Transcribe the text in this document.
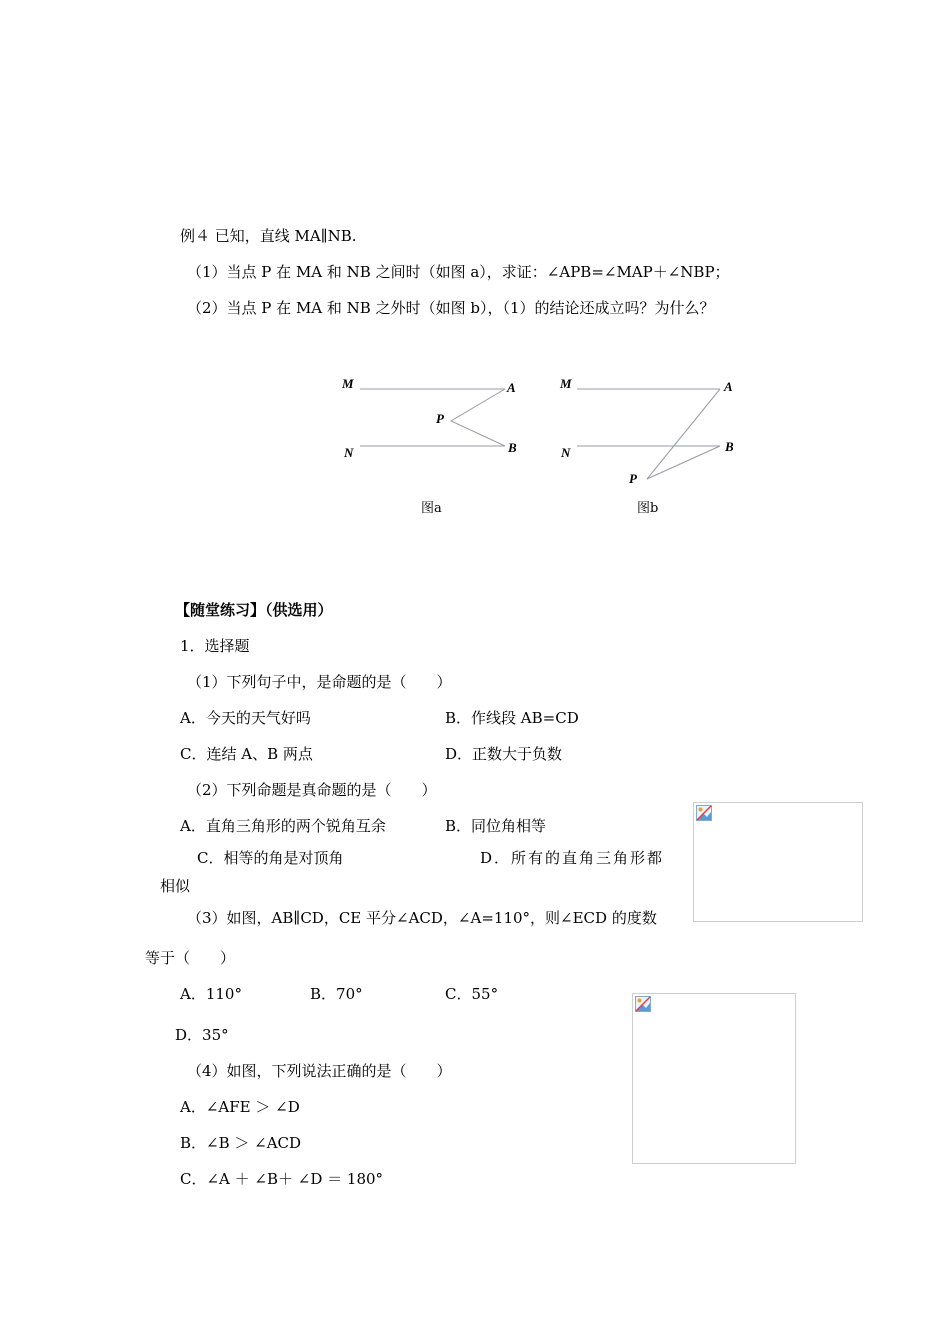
例４ 已知，直线 MA∥NB.
（1）当点 P 在 MA 和 NB 之间时（如图 a），求证：∠APB=∠MAP＋∠NBP；
（2）当点 P 在 MA 和 NB 之外时（如图 b），（1）的结论还成立吗？为什么？
M	A
P
N	B
图a
M	A
N	B
P
图b
【随堂练习】（供选用）
1．选择题
（1）下列句子中，是命题的是（　　）
A．今天的天气好吗	B．作线段 AB=CD
C．连结 A、B 两点	D．正数大于负数
（2）下列命题是真命题的是（　　）
A．直角三角形的两个锐角互余	B．同位角相等
C．相等的角是对顶角	D．所有的直角三角形都
相似
（3）如图，AB∥CD，CE 平分∠ACD，∠A=110°，则∠ECD 的度数
等于（　　）
A．110°	B．70°	C．55°
D．35°
（4）如图，下列说法正确的是（　　）
A．∠AFE ＞ ∠D
B．∠B ＞ ∠ACD
C．∠A ＋ ∠B＋ ∠D ＝ 180°
